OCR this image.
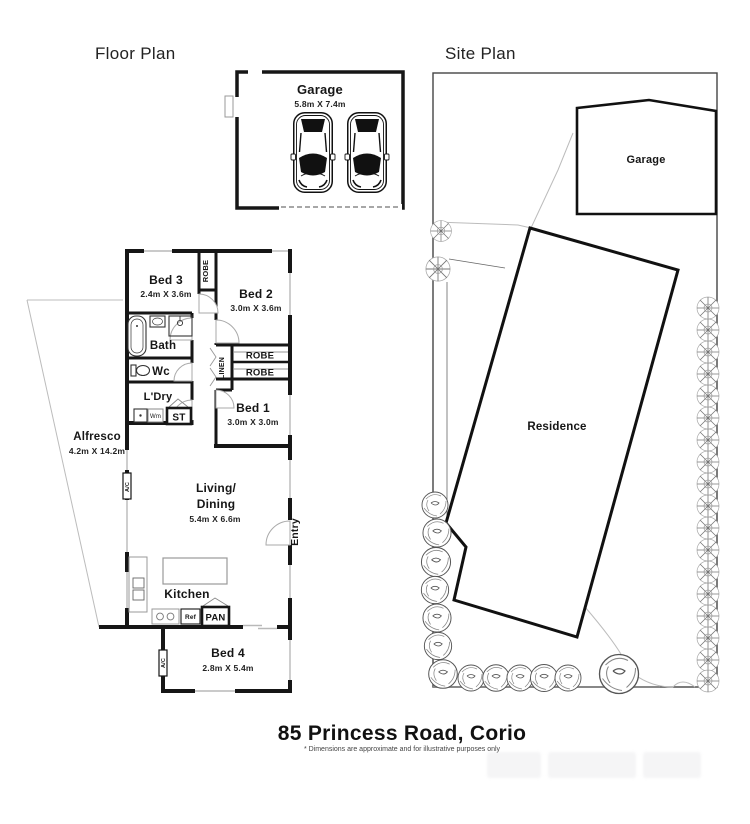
Floor Plan	Site Plan
Garage
5.8m X 7.4m
Alfresco
4.2m X 14.2m
Entry
ROBE
Bed 3
2.4m X 3.6m	Bed 2
3.0m X 3.6m
Bath
Wc
L'Dry
Wm ST
LINEN
ROBE
ROBE
Bed 1
3.0m X 3.0m
A/C	Living/
Dining
5.4m X 6.6m
Kitchen
Ref PAN
A/C
Bed 4
2.8m X 5.4m
Garage
Residence
85 Princess Road, Corio
* Dimensions are approximate and for illustrative purposes only
